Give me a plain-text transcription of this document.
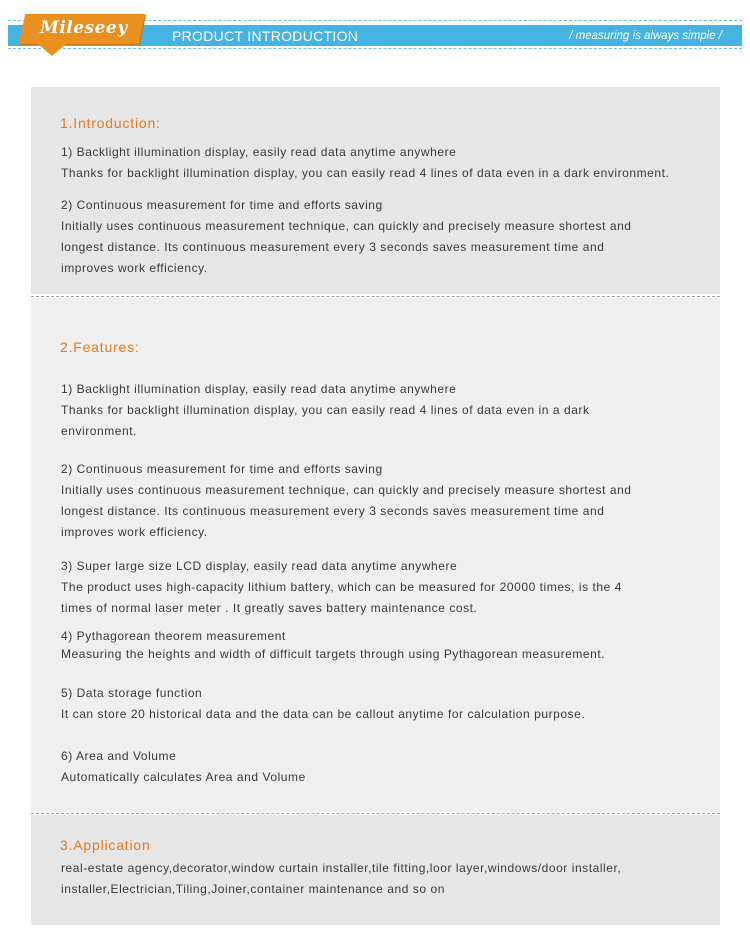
Mileseey	PRODUCT INTRODUCTION	/ measuring is always simple /
1.Introduction:
1) Backlight illumination display, easily read data anytime anywhere
Thanks for backlight illumination display, you can easily read 4 lines of data even in a dark environment.
2) Continuous measurement for time and efforts saving
Initially uses continuous measurement technique, can quickly and precisely measure shortest and
longest distance. Its continuous measurement every 3 seconds saves measurement time and
improves work efficiency.
2.Features:
1) Backlight illumination display, easily read data anytime anywhere
Thanks for backlight illumination display, you can easily read 4 lines of data even in a dark
environment.
2) Continuous measurement for time and efforts saving
Initially uses continuous measurement technique, can quickly and precisely measure shortest and
longest distance. Its continuous measurement every 3 seconds saves measurement time and
improves work efficiency.
3) Super large size LCD display, easily read data anytime anywhere
The product uses high-capacity lithium battery, which can be measured for 20000 times, is the 4
times of normal laser meter . It greatly saves battery maintenance cost.
4) Pythagorean theorem measurement
Measuring the heights and width of difficult targets through using Pythagorean measurement.
5) Data storage function
It can store 20 historical data and the data can be callout anytime for calculation purpose.
6) Area and Volume
Automatically calculates Area and Volume
3.Application
real-estate agency,decorator,window curtain installer,tile fitting,loor layer,windows/door installer,
installer,Electrician,Tiling,Joiner,container maintenance and so on
